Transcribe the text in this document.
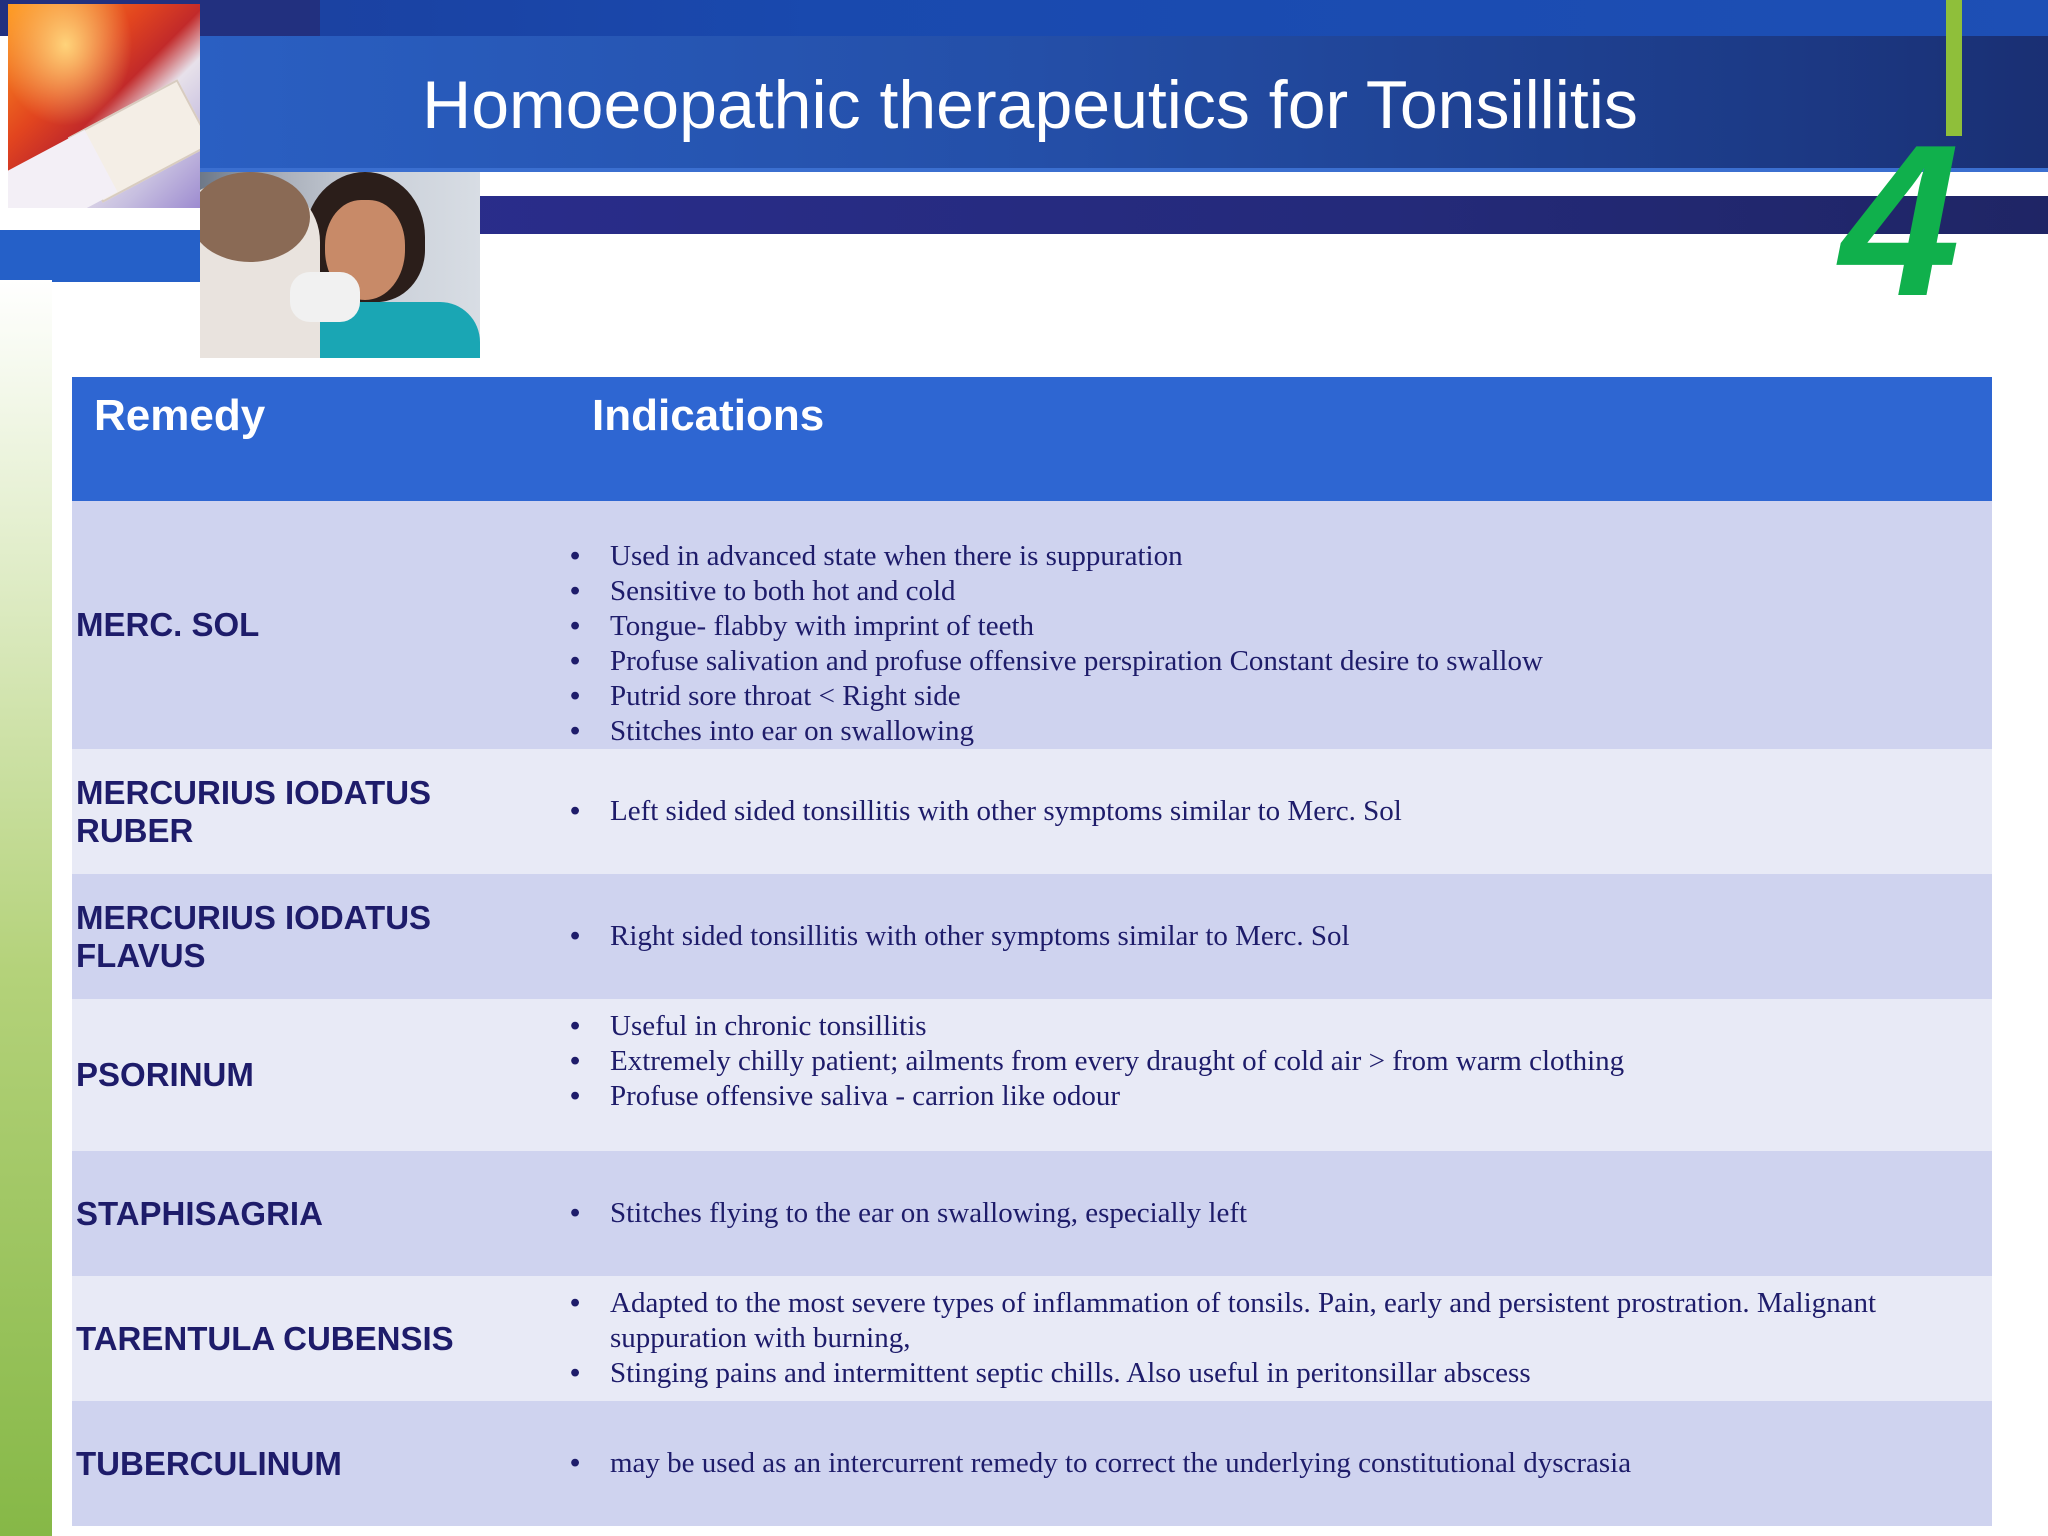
Homoeopathic therapeutics for Tonsillitis 4
Remedy	Indications
MERC. SOL
• Used in advanced state when there is suppuration
• Sensitive to both hot and cold
• Tongue- flabby with imprint of teeth
• Profuse salivation and profuse offensive perspiration Constant desire to swallow
• Putrid sore throat < Right side
• Stitches into ear on swallowing
MERCURIUS IODATUS
RUBER
• Left sided sided tonsillitis with other symptoms similar to Merc. Sol
MERCURIUS IODATUS
FLAVUS
• Right sided tonsillitis with other symptoms similar to Merc. Sol
PSORINUM
• Useful in chronic tonsillitis
• Extremely chilly patient; ailments from every draught of cold air > from warm clothing
• Profuse offensive saliva - carrion like odour
STAPHISAGRIA	• Stitches flying to the ear on swallowing, especially left
TARENTULA CUBENSIS
• Adapted to the most severe types of inflammation of tonsils. Pain, early and persistent prostration. Malignant suppuration with burning,
• Stinging pains and intermittent septic chills. Also useful in peritonsillar abscess
TUBERCULINUM	• may be used as an intercurrent remedy to correct the underlying constitutional dyscrasia
